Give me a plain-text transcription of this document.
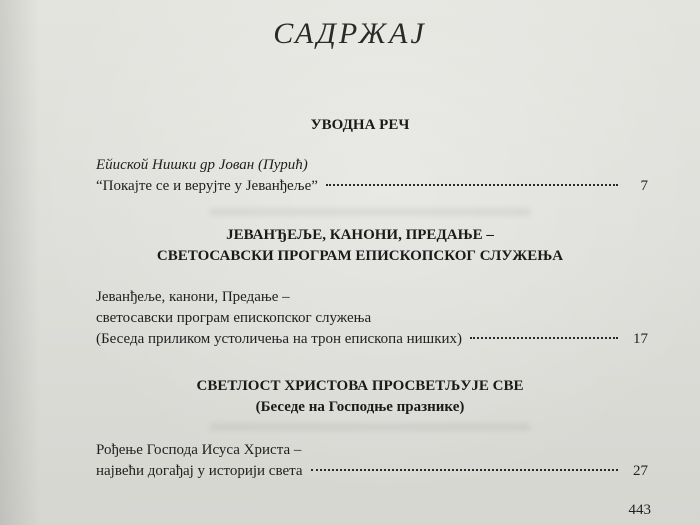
САДРЖАЈ
УВОДНА РЕЧ
Ейиской Нишки gр Јован (Пурић)
“Покајте се и верујте у Јеванђеље”	7
ЈЕВАНЂЕЉЕ, КАНОНИ, ПРЕДАЊЕ –
СВЕТОСАВСКИ ПРОГРАМ ЕПИСКОПСКОГ СЛУЖЕЊА
Јеванђеље, канони, Предање –
светосавски програм епископског служења
(Беседа приликом устоличења на трон епископа нишких)	17
СВЕТЛОСТ ХРИСТОВА ПРОСВЕТЉУЈЕ СВЕ
(Беседе на Господње празнике)
Рођење Господа Исуса Христа –
највећи догађај у историји света	27
443
